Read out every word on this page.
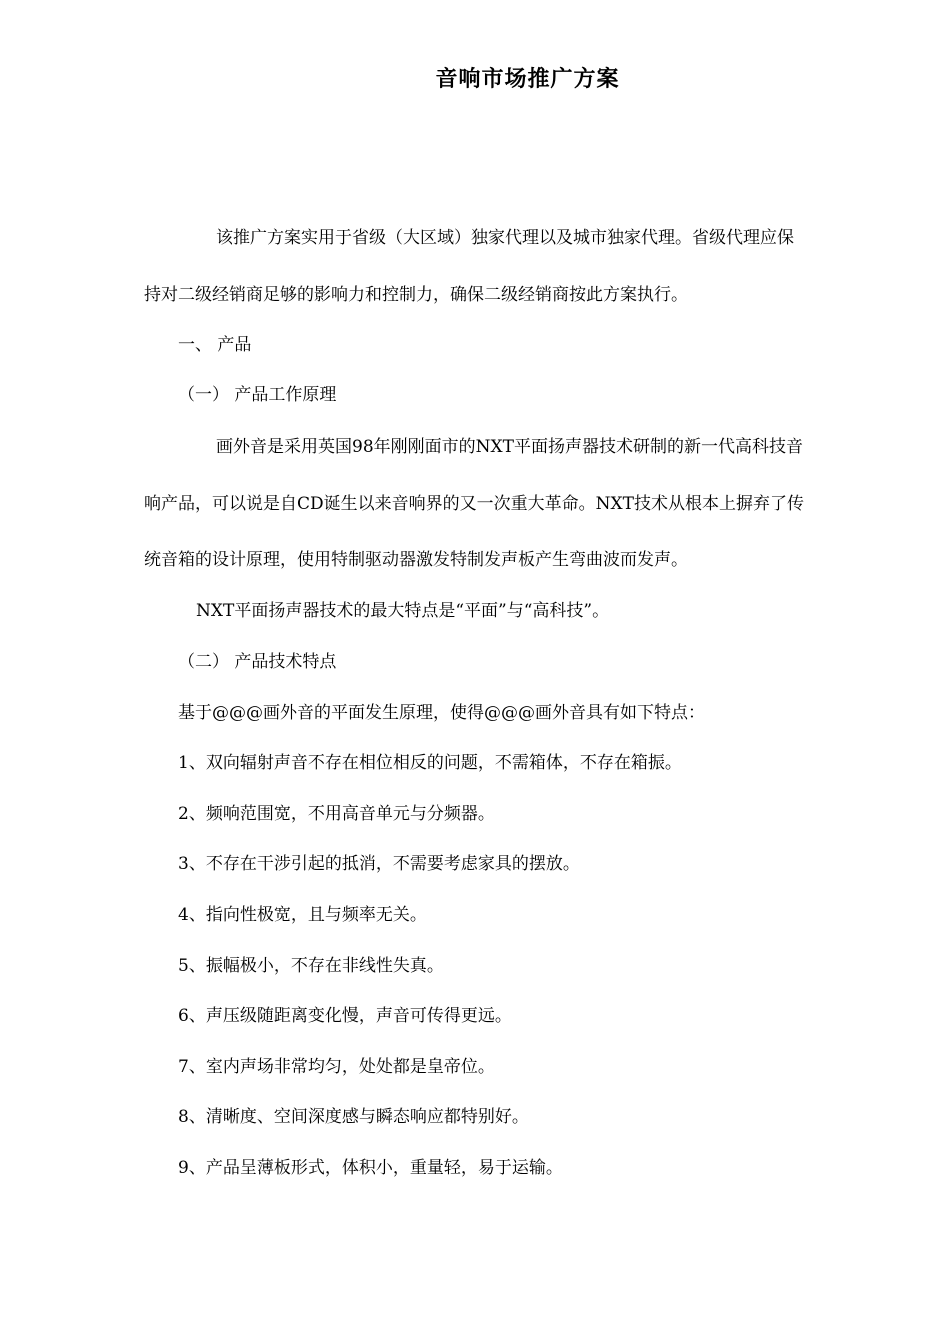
音响市场推广方案
该推广方案实用于省级（大区域）独家代理以及城市独家代理。省级代理应保
持对二级经销商足够的影响力和控制力，确保二级经销商按此方案执行。
一、 产品
（一） 产品工作原理
画外音是采用英国98年刚刚面市的NXT平面扬声器技术研制的新一代高科技音
响产品，可以说是自CD诞生以来音响界的又一次重大革命。NXT技术从根本上摒弃了传
统音箱的设计原理，使用特制驱动器激发特制发声板产生弯曲波而发声。
NXT平面扬声器技术的最大特点是“平面”与“高科技”。
（二） 产品技术特点
基于@@@画外音的平面发生原理，使得@@@画外音具有如下特点：
1、双向辐射声音不存在相位相反的问题，不需箱体，不存在箱振。
2、频响范围宽，不用高音单元与分频器。
3、不存在干涉引起的抵消，不需要考虑家具的摆放。
4、指向性极宽，且与频率无关。
5、振幅极小，不存在非线性失真。
6、声压级随距离变化慢，声音可传得更远。
7、室内声场非常均匀，处处都是皇帝位。
8、清晰度、空间深度感与瞬态响应都特别好。
9、产品呈薄板形式，体积小，重量轻，易于运输。
